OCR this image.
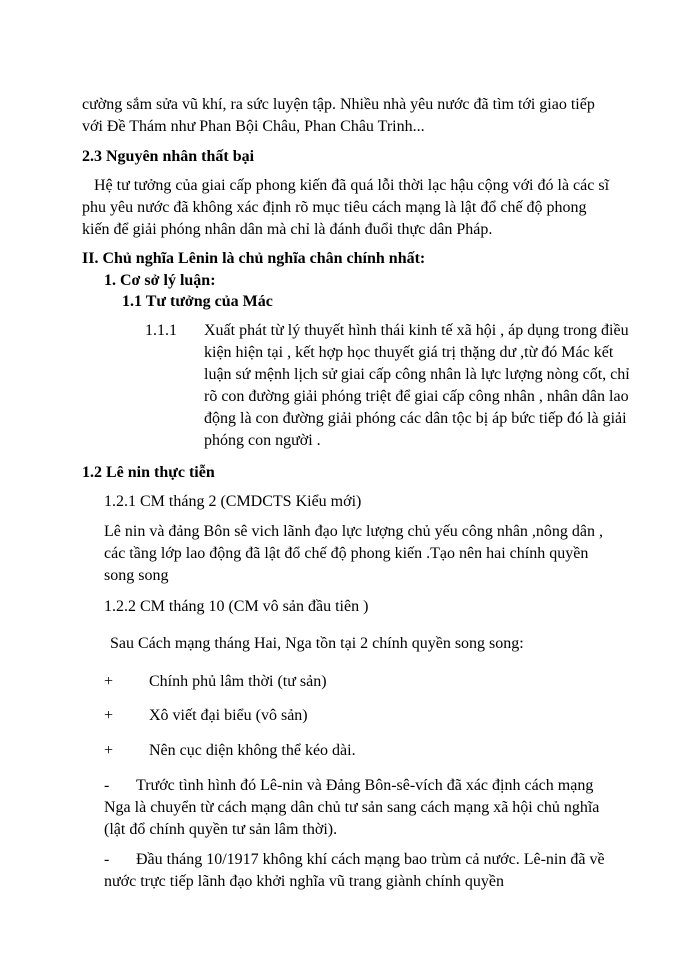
cường sắm sửa vũ khí, ra sức luyện tập. Nhiều nhà yêu nước đã tìm tới giao tiếp
với Đề Thám như Phan Bội Châu, Phan Châu Trinh...
2.3 Nguyên nhân thất bại
Hệ tư tưởng của giai cấp phong kiến đã quá lỗi thời lạc hậu cộng với đó là các sĩ
phu yêu nước đã không xác định rõ mục tiêu cách mạng là lật đổ chế độ phong
kiến để giải phóng nhân dân mà chỉ là đánh đuổi thực dân Pháp.
II. Chủ nghĩa Lênin là chủ nghĩa chân chính nhất:
1. Cơ sở lý luận:
1.1 Tư tưởng của Mác
1.1.1 Xuất phát từ lý thuyết hình thái kinh tế xã hội , áp dụng trong điều
kiện hiện tại , kết hợp học thuyết giá trị thặng dư ,từ đó Mác kết
luận sứ mệnh lịch sử giai cấp công nhân là lực lượng nòng cốt, chỉ
rõ con đường giải phóng triệt để giai cấp công nhân , nhân dân lao
động là con đường giải phóng các dân tộc bị áp bức tiếp đó là giải
phóng con người .
1.2 Lê nin thực tiễn
1.2.1 CM tháng 2 (CMDCTS Kiểu mới)
Lê nin và đảng Bôn sê vich lãnh đạo lực lượng chủ yếu công nhân ,nông dân ,
các tầng lớp lao động đã lật đổ chế độ phong kiến .Tạo nên hai chính quyền
song song
1.2.2 CM tháng 10 (CM vô sản đầu tiên )
Sau Cách mạng tháng Hai, Nga tồn tại 2 chính quyền song song:
+ Chính phủ lâm thời (tư sản)
+ Xô viết đại biểu (vô sản)
+ Nên cục diện không thể kéo dài.
- Trước tình hình đó Lê-nin và Đảng Bôn-sê-vích đã xác định cách mạng
Nga là chuyển từ cách mạng dân chủ tư sản sang cách mạng xã hội chủ nghĩa
(lật đổ chính quyền tư sản lâm thời).
- Đầu tháng 10/1917 không khí cách mạng bao trùm cả nước. Lê-nin đã về
nước trực tiếp lãnh đạo khởi nghĩa vũ trang giành chính quyền
